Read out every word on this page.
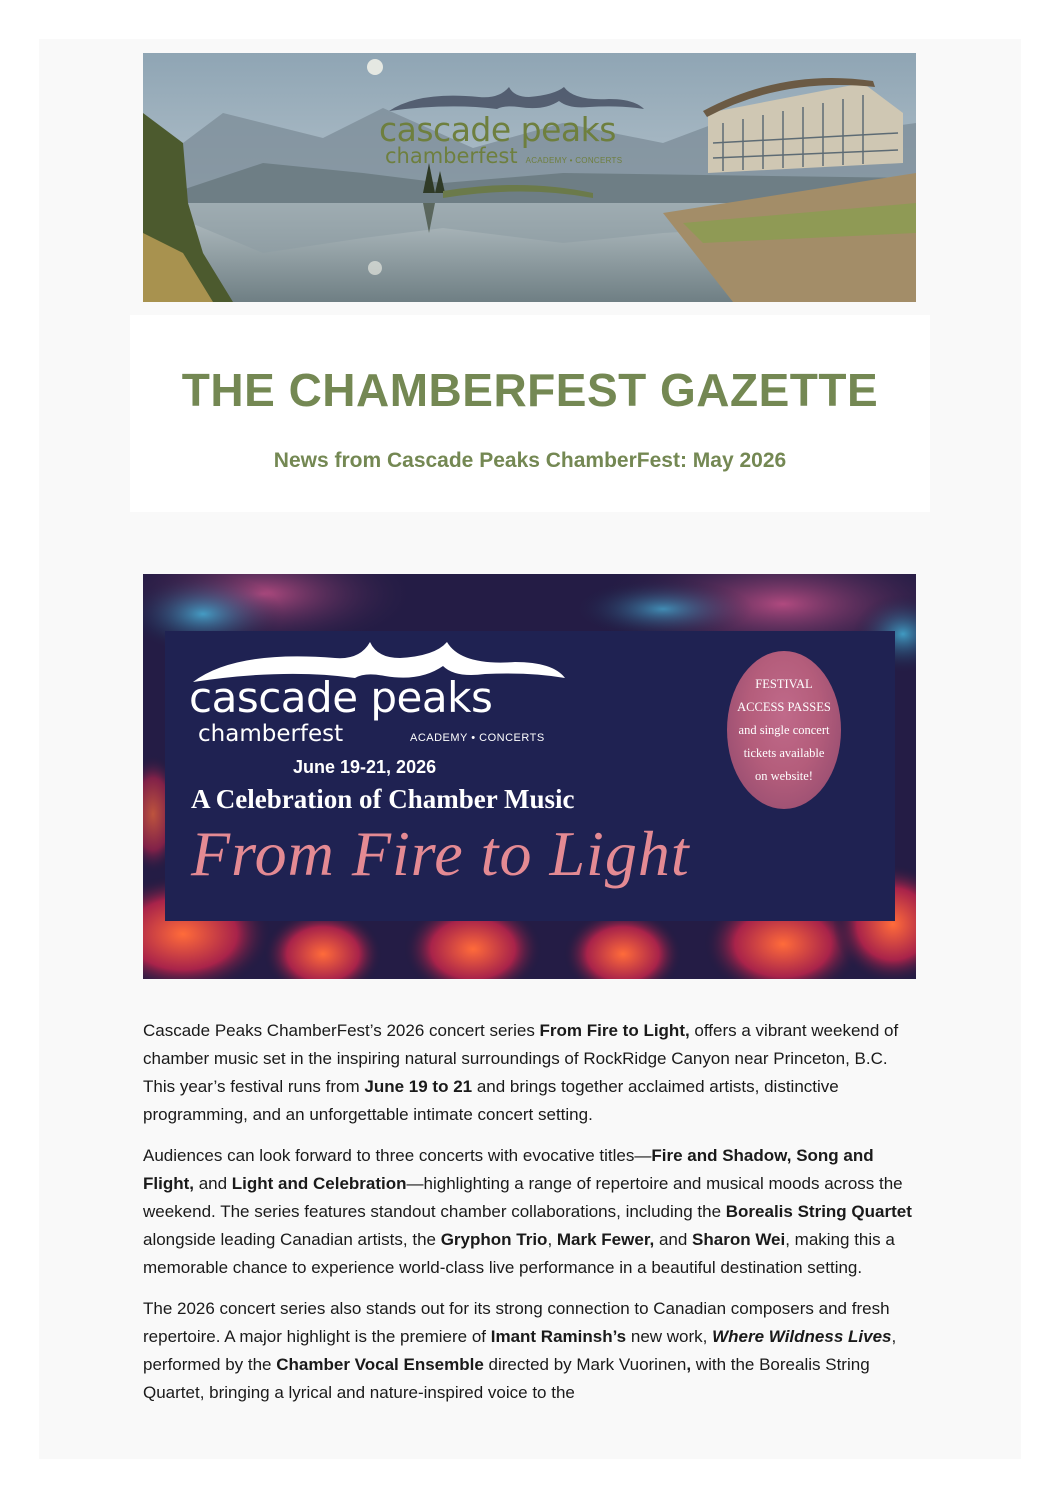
cascade peaks
chamberfest ACADEMY • CONCERTS
THE CHAMBERFEST GAZETTE
News from Cascade Peaks ChamberFest: May 2026
cascade peaks
chamberfest	ACADEMY • CONCERTS
June 19-21, 2026
A Celebration of Chamber Music
From Fire to Light
FESTIVAL
ACCESS PASSES
and single concert
tickets available
on website!

Cascade Peaks ChamberFest’s 2026 concert series From Fire to Light, offers a vibrant weekend of chamber music set in the inspiring natural surroundings of RockRidge Canyon near Princeton, B.C. This year’s festival runs from June 19 to 21 and brings together acclaimed artists, distinctive programming, and an unforgettable intimate concert setting.

Audiences can look forward to three concerts with evocative titles—Fire and Shadow, Song and Flight, and Light and Celebration—highlighting a range of repertoire and musical moods across the weekend. The series features standout chamber collaborations, including the Borealis String Quartet alongside leading Canadian artists, the Gryphon Trio, Mark Fewer, and Sharon Wei, making this a memorable chance to experience world-class live performance in a beautiful destination setting.

The 2026 concert series also stands out for its strong connection to Canadian composers and fresh repertoire. A major highlight is the premiere of Imant Raminsh’s new work, Where Wildness Lives, performed by the Chamber Vocal Ensemble directed by Mark Vuorinen, with the Borealis String Quartet, bringing a lyrical and nature-inspired voice to the
